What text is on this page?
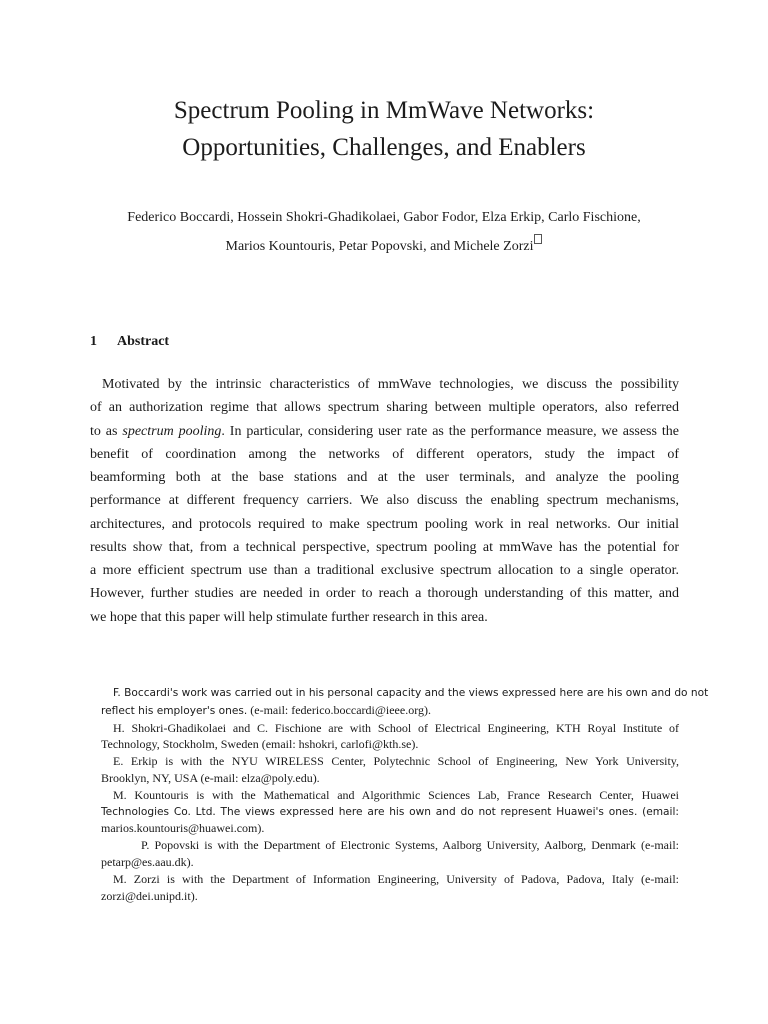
Spectrum Pooling in MmWave Networks:
Opportunities, Challenges, and Enablers
Federico Boccardi, Hossein Shokri-Ghadikolaei, Gabor Fodor, Elza Erkip, Carlo Fischione,
Marios Kountouris, Petar Popovski, and Michele Zorzi
1 Abstract
Motivated by the intrinsic characteristics of mmWave technologies, we discuss the possibility
of an authorization regime that allows spectrum sharing between multiple operators, also referred
to as spectrum pooling. In particular, considering user rate as the performance measure, we assess the
benefit of coordination among the networks of different operators, study the impact of
beamforming both at the base stations and at the user terminals, and analyze the pooling
performance at different frequency carriers. We also discuss the enabling spectrum mechanisms,
architectures, and protocols required to make spectrum pooling work in real networks. Our initial
results show that, from a technical perspective, spectrum pooling at mmWave has the potential for
a more efficient spectrum use than a traditional exclusive spectrum allocation to a single operator.
However, further studies are needed in order to reach a thorough understanding of this matter, and
we hope that this paper will help stimulate further research in this area.
F. Boccardi's work was carried out in his personal capacity and the views expressed here are his own and do not
reflect his employer's ones. (e-mail: federico.boccardi@ieee.org).
H. Shokri-Ghadikolaei and C. Fischione are with School of Electrical Engineering, KTH Royal Institute of
Technology, Stockholm, Sweden (email: hshokri, carlofi@kth.se).
E. Erkip is with the NYU WIRELESS Center, Polytechnic School of Engineering, New York University,
Brooklyn, NY, USA (e-mail: elza@poly.edu).
M. Kountouris is with the Mathematical and Algorithmic Sciences Lab, France Research Center, Huawei
Technologies Co. Ltd. The views expressed here are his own and do not represent Huawei's ones. (email:
marios.kountouris@huawei.com).
P. Popovski is with the Department of Electronic Systems, Aalborg University, Aalborg, Denmark (e-mail:
petarp@es.aau.dk).
M. Zorzi is with the Department of Information Engineering, University of Padova, Padova, Italy (e-mail:
zorzi@dei.unipd.it).
